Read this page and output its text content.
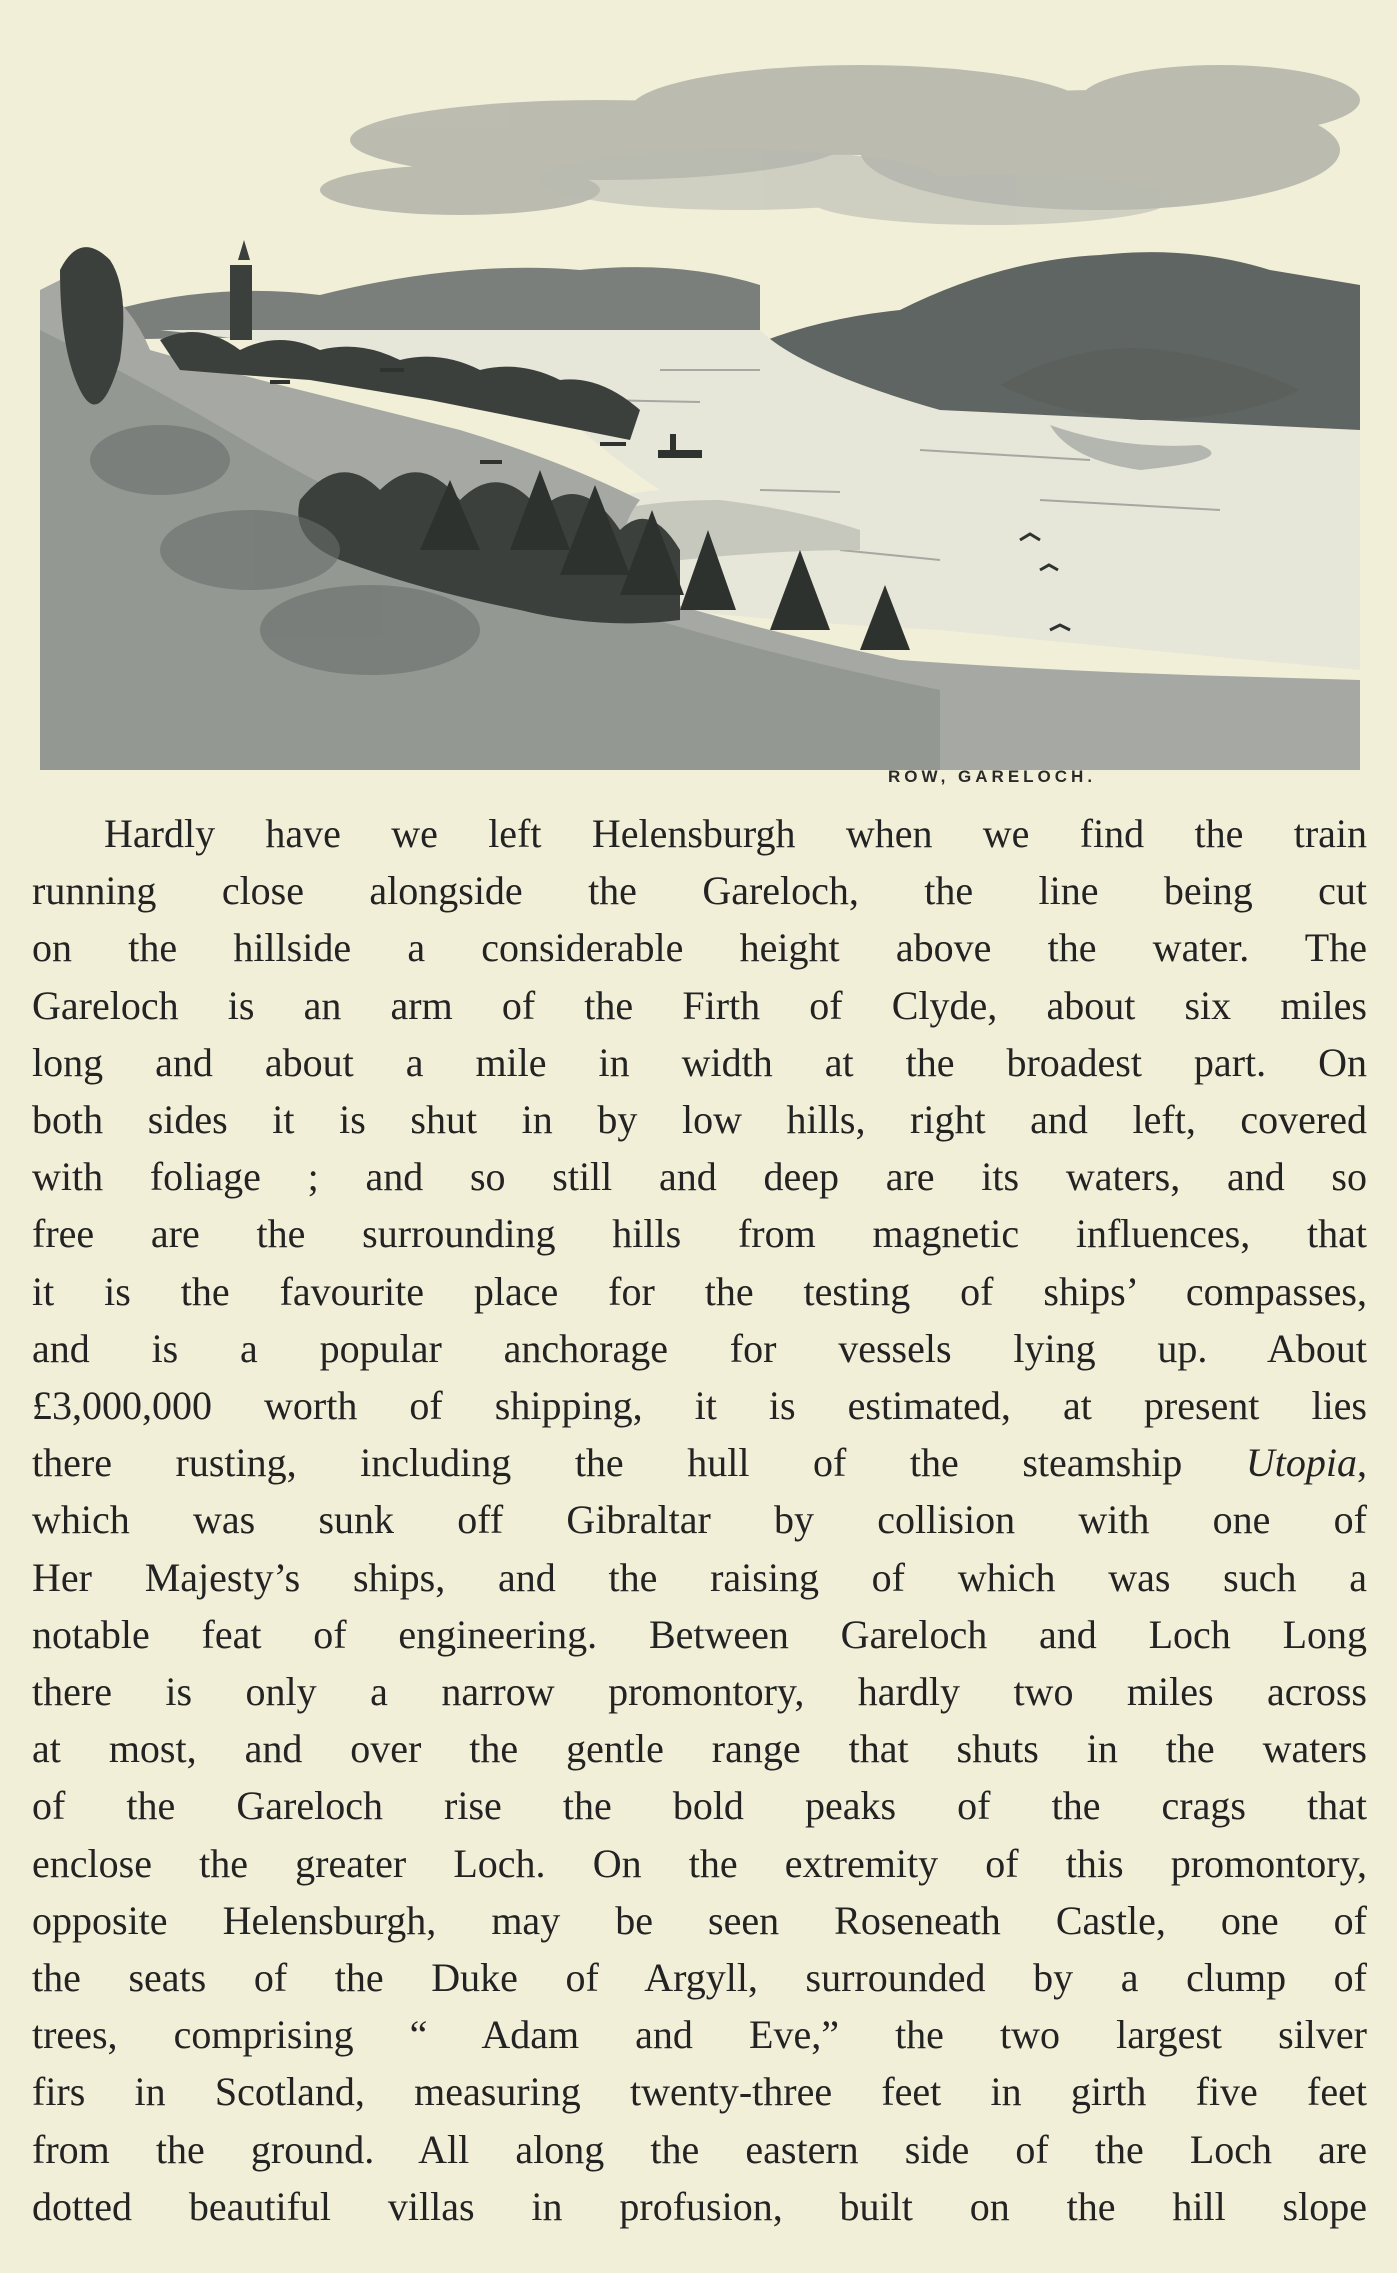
ROW, GARELOCH.
Hardly have we left Helensburgh when we find the train
running close alongside the Gareloch, the line being cut
on the hillside a considerable height above the water. The
Gareloch is an arm of the Firth of Clyde, about six miles
long and about a mile in width at the broadest part. On
both sides it is shut in by low hills, right and left, covered
with foliage ; and so still and deep are its waters, and so
free are the surrounding hills from magnetic influences, that
it is the favourite place for the testing of ships’ compasses,
and is a popular anchorage for vessels lying up. About
£3,000,000 worth of shipping, it is estimated, at present lies
there rusting, including the hull of the steamship Utopia,
which was sunk off Gibraltar by collision with one of
Her Majesty’s ships, and the raising of which was such a
notable feat of engineering. Between Gareloch and Loch Long
there is only a narrow promontory, hardly two miles across
at most, and over the gentle range that shuts in the waters
of the Gareloch rise the bold peaks of the crags that
enclose the greater Loch. On the extremity of this promontory,
opposite Helensburgh, may be seen Roseneath Castle, one of
the seats of the Duke of Argyll, surrounded by a clump of
trees, comprising “ Adam and Eve,” the two largest silver
firs in Scotland, measuring twenty-three feet in girth five feet
from the ground. All along the eastern side of the Loch are
dotted beautiful villas in profusion, built on the hill slope
